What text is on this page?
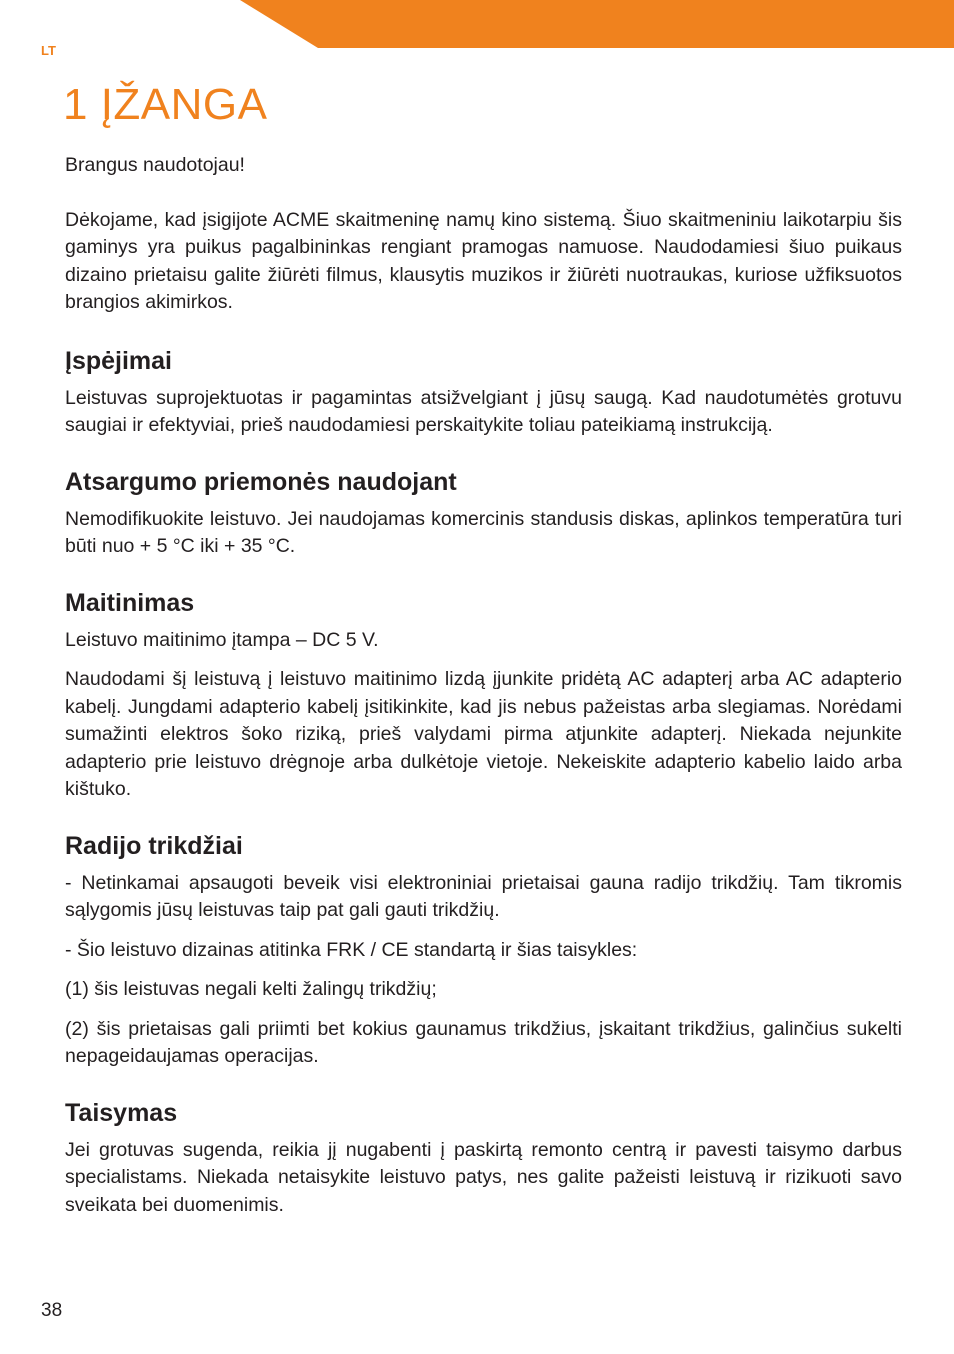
LT
1 ĮŽANGA

Brangus naudotojau!

Dėkojame, kad įsigijote ACME skaitmeninę namų kino sistemą. Šiuo skaitmeniniu laikotarpiu šis gaminys yra puikus pagalbininkas rengiant pramogas namuose. Naudodamiesi šiuo puikaus dizaino prietaisu galite žiūrėti filmus, klausytis muzikos ir žiūrėti nuotraukas, kuriose užfiksuotos brangios akimirkos.

Įspėjimai

Leistuvas suprojektuotas ir pagamintas atsižvelgiant į jūsų saugą. Kad naudotumėtės grotuvu saugiai ir efektyviai, prieš naudodamiesi perskaitykite toliau pateikiamą instrukciją.

Atsargumo priemonės naudojant

Nemodifikuokite leistuvo. Jei naudojamas komercinis standusis diskas, aplinkos temperatūra turi būti nuo + 5 °C iki + 35 °C.

Maitinimas

Leistuvo maitinimo įtampa – DC 5 V.

Naudodami šį leistuvą į leistuvo maitinimo lizdą įjunkite pridėtą AC adapterį arba AC adapterio kabelį. Jungdami adapterio kabelį įsitikinkite, kad jis nebus pažeistas arba slegiamas. Norėdami sumažinti elektros šoko riziką, prieš valydami pirma atjunkite adapterį. Niekada nejunkite adapterio prie leistuvo drėgnoje arba dulkėtoje vietoje. Nekeiskite adapterio kabelio laido arba kištuko.

Radijo trikdžiai

- Netinkamai apsaugoti beveik visi elektroniniai prietaisai gauna radijo trikdžių. Tam tikromis sąlygomis jūsų leistuvas taip pat gali gauti trikdžių.

- Šio leistuvo dizainas atitinka FRK / CE standartą ir šias taisykles:

(1) šis leistuvas negali kelti žalingų trikdžių;

(2) šis prietaisas gali priimti bet kokius gaunamus trikdžius, įskaitant trikdžius, galinčius sukelti nepageidaujamas operacijas.

Taisymas

Jei grotuvas sugenda, reikia jį nugabenti į paskirtą remonto centrą ir pavesti taisymo darbus specialistams. Niekada netaisykite leistuvo patys, nes galite pažeisti leistuvą ir rizikuoti savo sveikata bei duomenimis.

38
